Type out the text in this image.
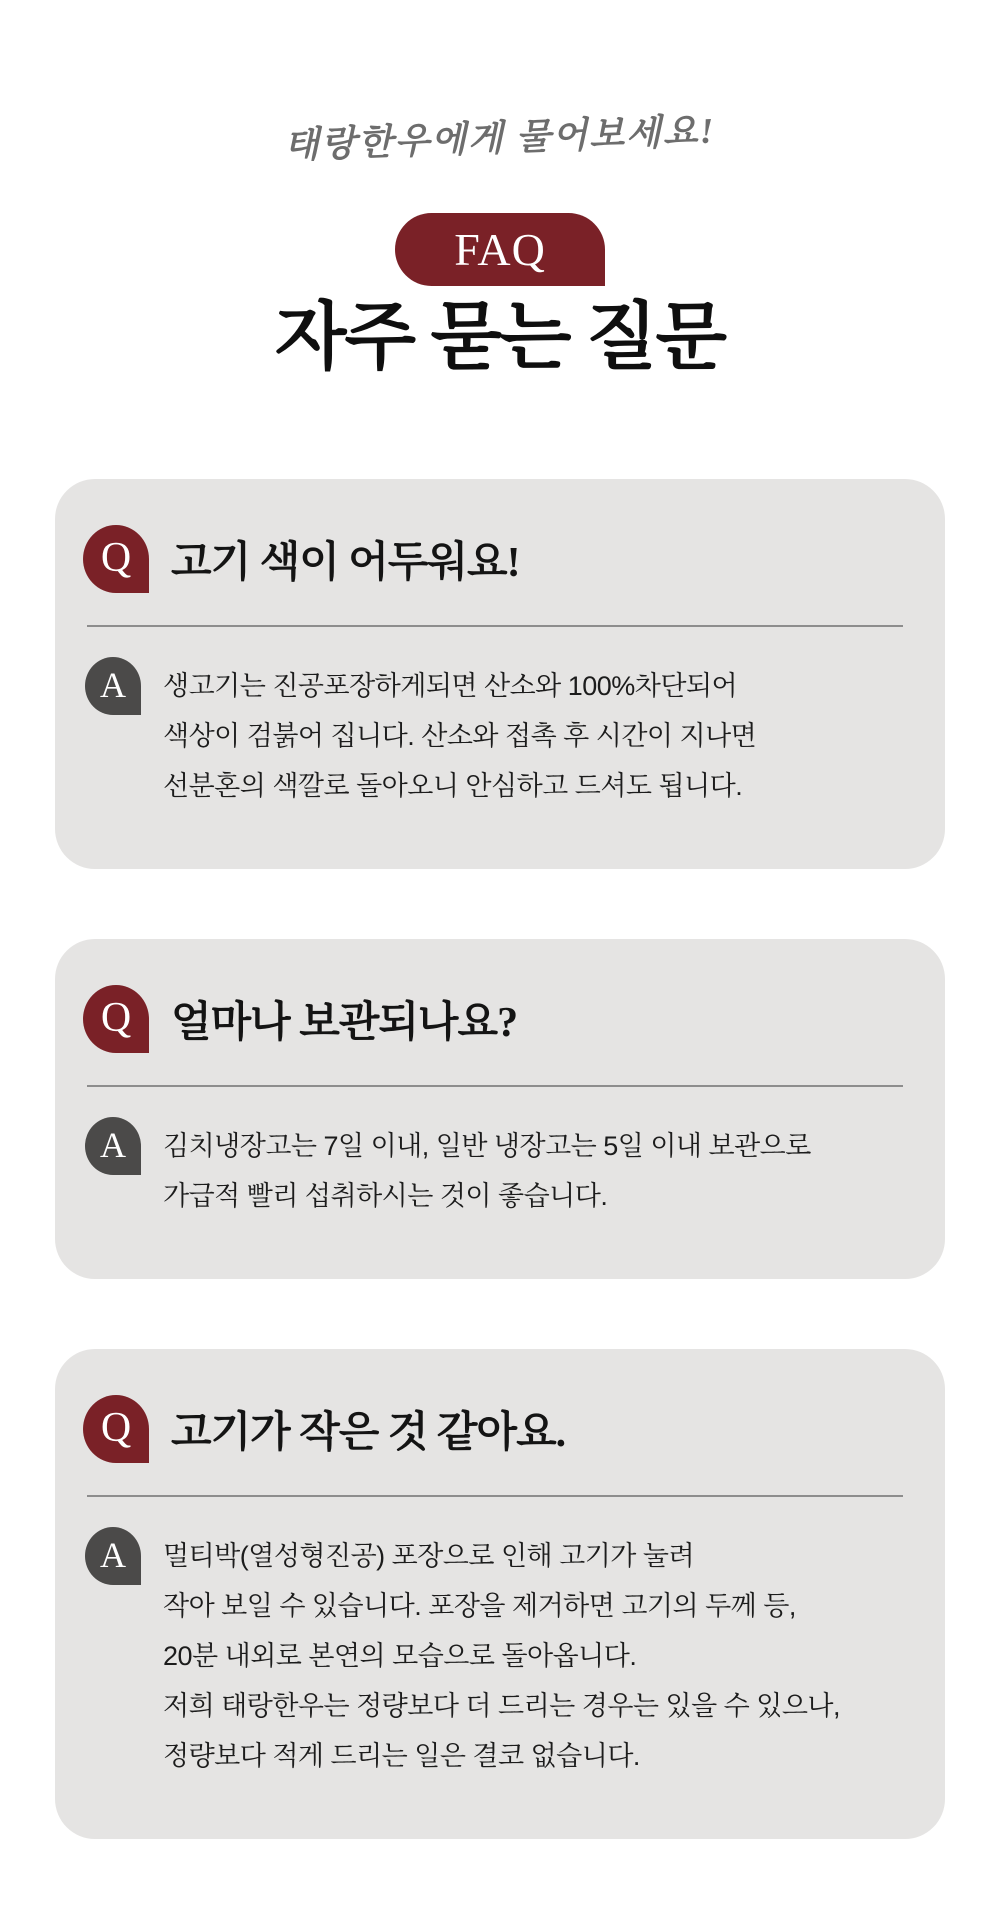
태랑한우에게 물어보세요!
FAQ
자주 묻는 질문
Q 고기 색이 어두워요!
A 생고기는 진공포장하게되면 산소와 100%차단되어
색상이 검붉어 집니다. 산소와 접촉 후 시간이 지나면
선분혼의 색깔로 돌아오니 안심하고 드셔도 됩니다.
Q 얼마나 보관되나요?
A 김치냉장고는 7일 이내, 일반 냉장고는 5일 이내 보관으로
가급적 빨리 섭취하시는 것이 좋습니다.
Q 고기가 작은 것 같아요.
A 멀티박(열성형진공) 포장으로 인해 고기가 눌려
작아 보일 수 있습니다. 포장을 제거하면 고기의 두께 등,
20분 내외로 본연의 모습으로 돌아옵니다.
저희 태랑한우는 정량보다 더 드리는 경우는 있을 수 있으나,
정량보다 적게 드리는 일은 결코 없습니다.
